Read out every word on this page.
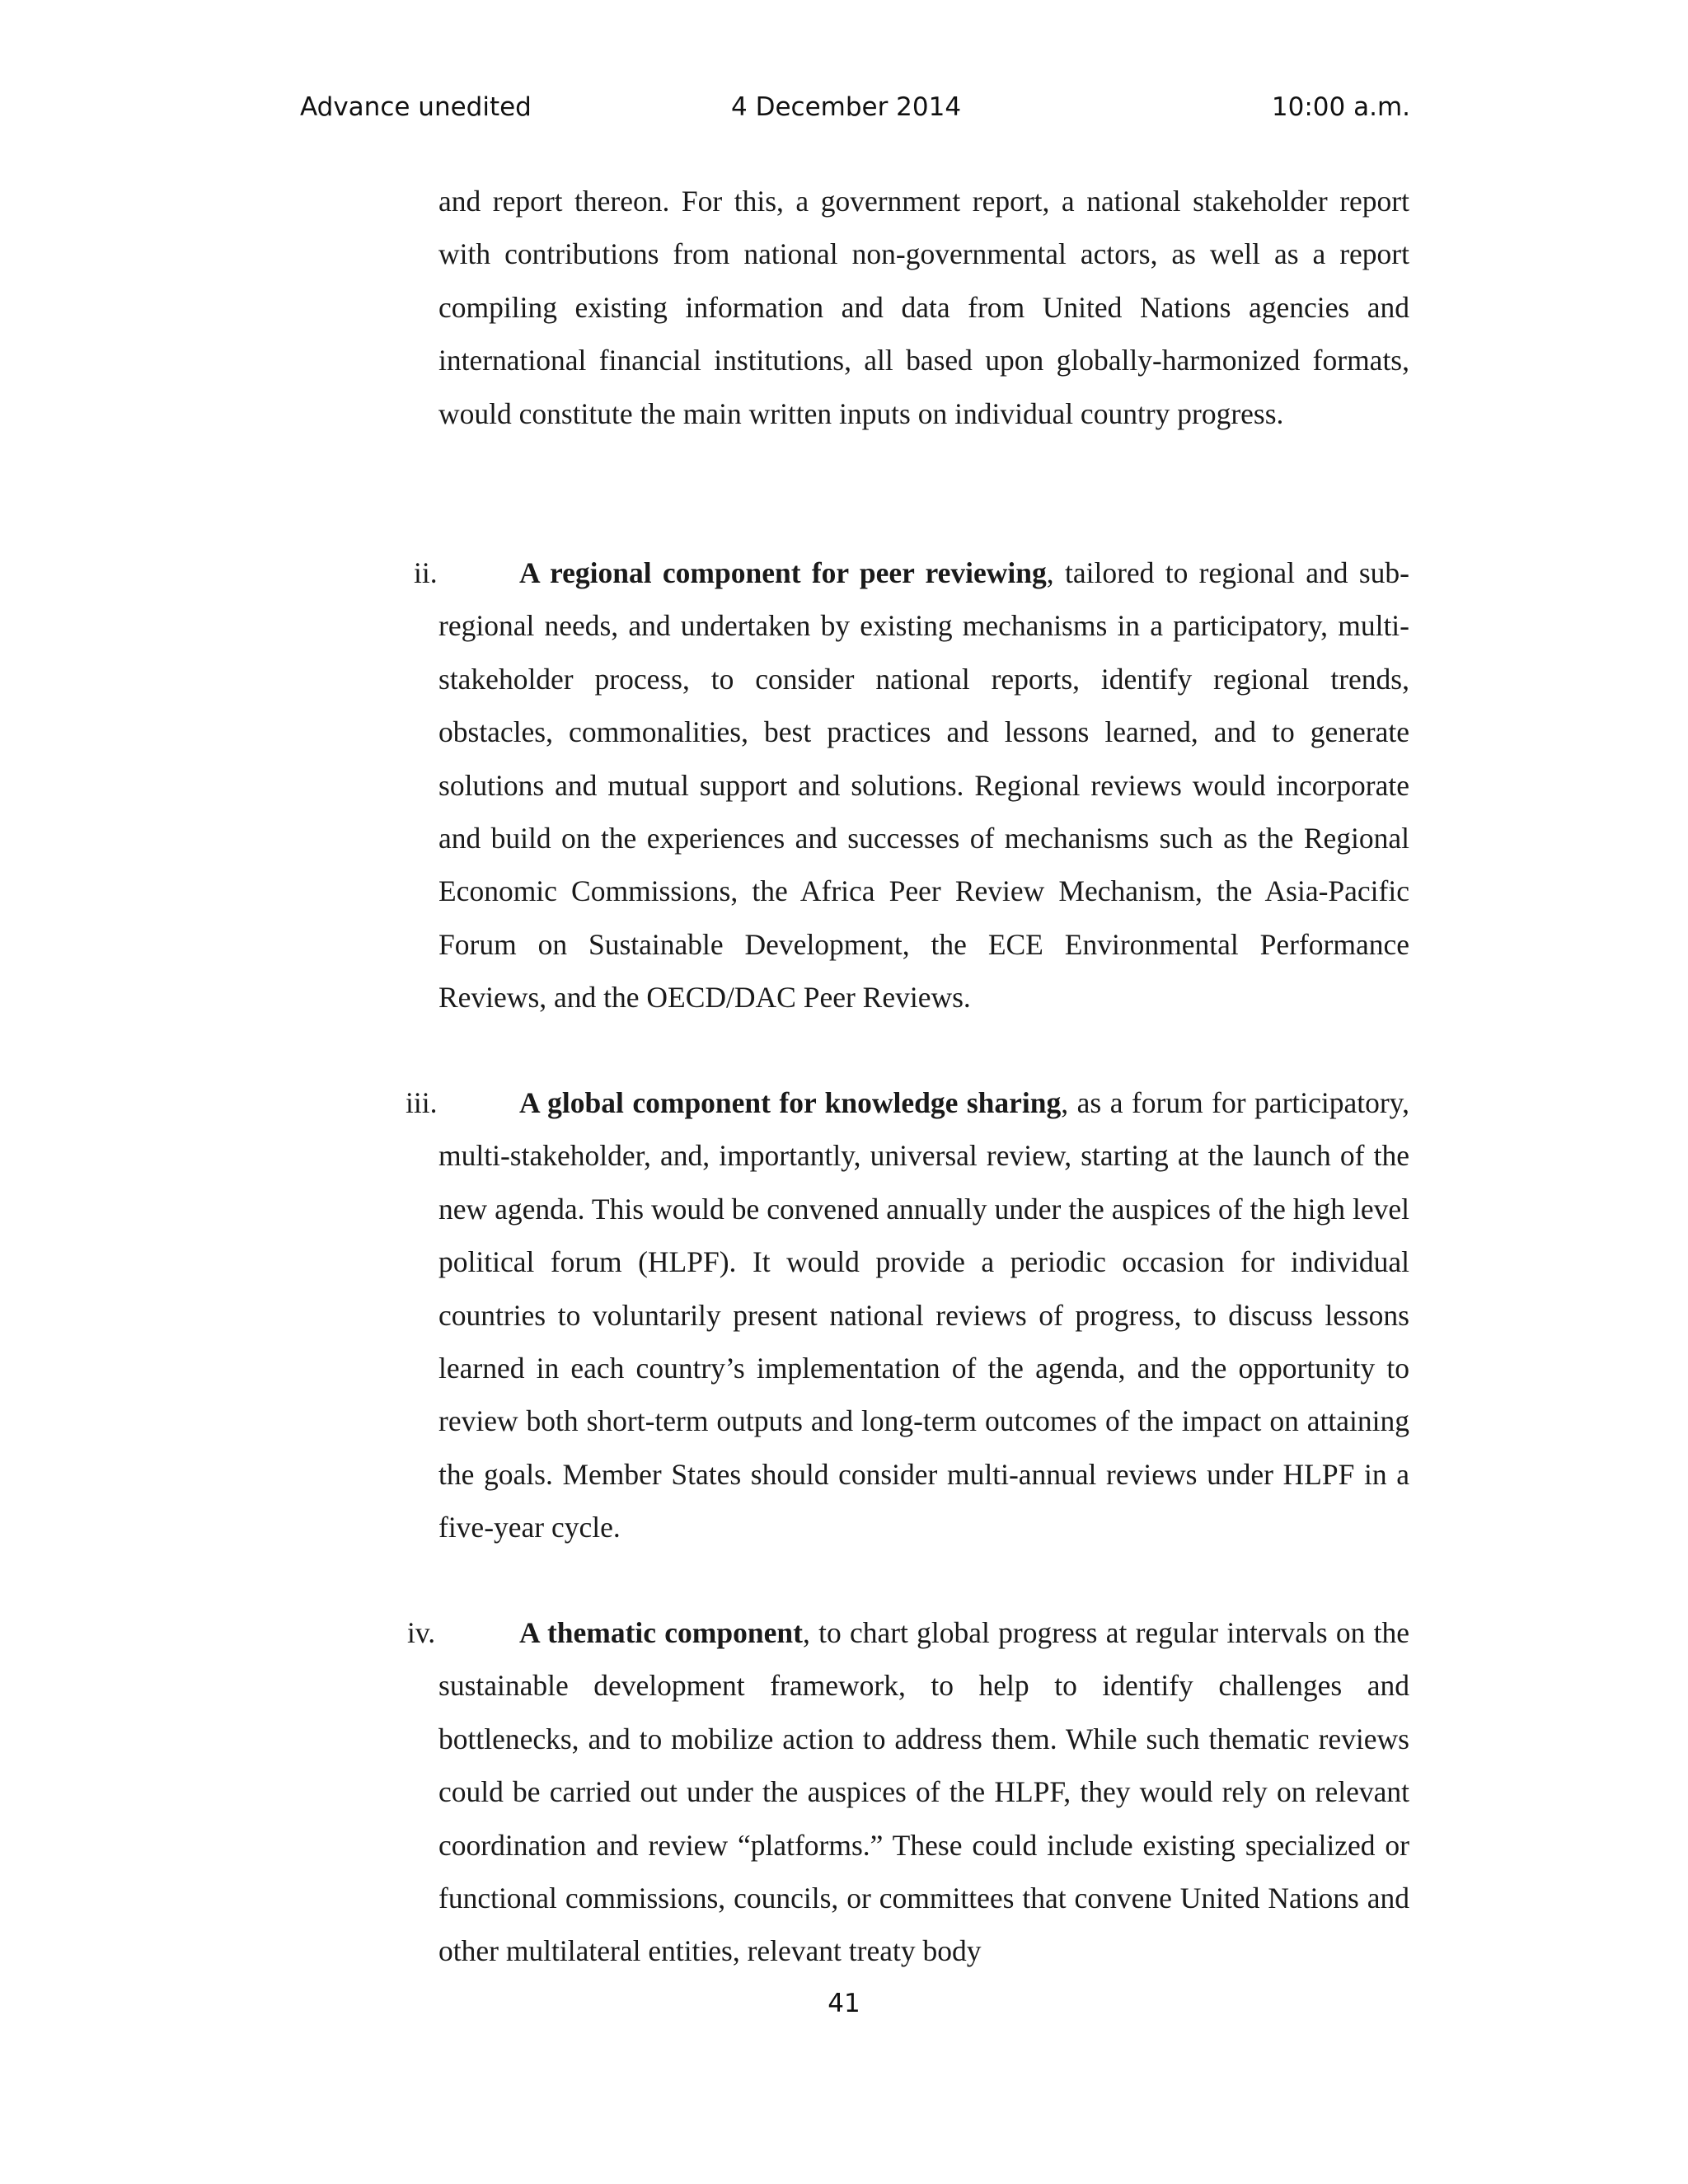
Advance unedited	4 December 2014	10:00 a.m.

and report thereon. For this, a government report, a national stakeholder report with contributions from national non-governmental actors, as well as a report compiling existing information and data from United Nations agencies and international financial institutions, all based upon globally-harmonized formats, would constitute the main written inputs on individual country progress.

ii.	A regional component for peer reviewing, tailored to regional and sub-regional needs, and undertaken by existing mechanisms in a participatory, multi-stakeholder process, to consider national reports, identify regional trends, obstacles, commonalities, best practices and lessons learned, and to generate solutions and mutual support and solutions. Regional reviews would incorporate and build on the experiences and successes of mechanisms such as the Regional Economic Commissions, the Africa Peer Review Mechanism, the Asia-Pacific Forum on Sustainable Development, the ECE Environmental Performance Reviews, and the OECD/DAC Peer Reviews.
iii.	A global component for knowledge sharing, as a forum for participatory, multi-stakeholder, and, importantly, universal review, starting at the launch of the new agenda. This would be convened annually under the auspices of the high level political forum (HLPF). It would provide a periodic occasion for individual countries to voluntarily present national reviews of progress, to discuss lessons learned in each country’s implementation of the agenda, and the opportunity to review both short-term outputs and long-term outcomes of the impact on attaining the goals. Member States should consider multi-annual reviews under HLPF in a five-year cycle.
iv.	A thematic component, to chart global progress at regular intervals on the sustainable development framework, to help to identify challenges and bottlenecks, and to mobilize action to address them. While such thematic reviews could be carried out under the auspices of the HLPF, they would rely on relevant coordination and review “platforms.” These could include existing specialized or functional commissions, councils, or committees that convene United Nations and other multilateral entities, relevant treaty body
41
